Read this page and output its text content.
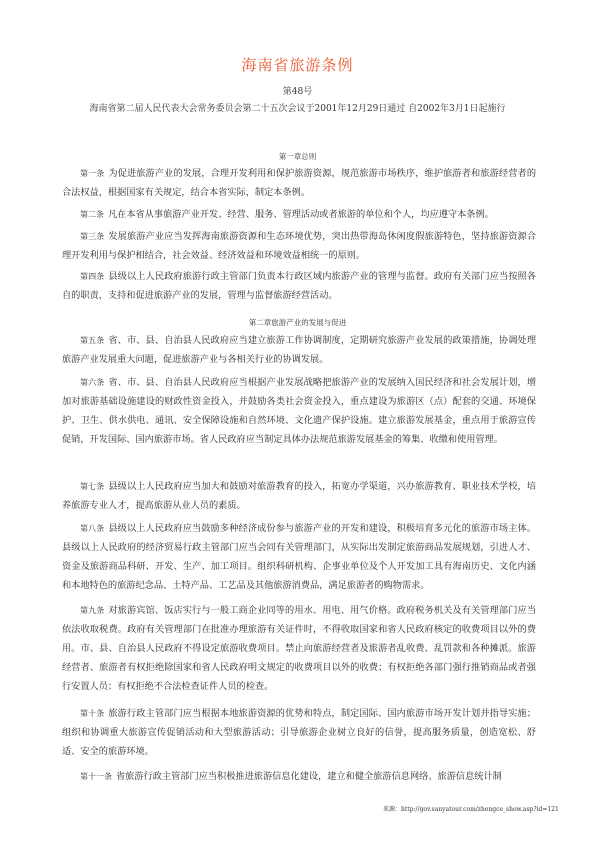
海南省旅游条例
第48号
海南省第二届人民代表大会常务委员会第二十五次会议于2001年12月29日通过 自2002年3月1日起施行
第一章总则
第一条 为促进旅游产业的发展，合理开发利用和保护旅游资源，规范旅游市场秩序，维护旅游者和旅游经营者的合法权益，根据国家有关规定，结合本省实际，制定本条例。
第二条 凡在本省从事旅游产业开发、经营、服务、管理活动或者旅游的单位和个人，均应遵守本条例。
第三条 发展旅游产业应当发挥海南旅游资源和生态环境优势，突出热带海岛休闲度假旅游特色，坚持旅游资源合理开发利用与保护相结合，社会效益、经济效益和环境效益相统一的原则。
第四条 县级以上人民政府旅游行政主管部门负责本行政区域内旅游产业的管理与监督。政府有关部门应当按照各自的职责，支持和促进旅游产业的发展，管理与监督旅游经营活动。
第二章旅游产业的发展与促进
第五条 省、市、县、自治县人民政府应当建立旅游工作协调制度，定期研究旅游产业发展的政策措施，协调处理旅游产业发展重大问题，促进旅游产业与各相关行业的协调发展。
第六条 省、市、县、自治县人民政府应当根据产业发展战略把旅游产业的发展纳入国民经济和社会发展计划，增加对旅游基础设施建设的财政性资金投入，并鼓励各类社会资金投入，重点建设为旅游区（点）配套的交通、环境保护、卫生、供水供电、通讯、安全保障设施和自然环境、文化遗产保护设施。建立旅游发展基金，重点用于旅游宣传促销，开发国际、国内旅游市场。省人民政府应当制定具体办法规范旅游发展基金的筹集、收缴和使用管理。
第七条 县级以上人民政府应当加大和鼓励对旅游教育的投入，拓宽办学渠道，兴办旅游教育、职业技术学校，培养旅游专业人才，提高旅游从业人员的素质。
第八条 县级以上人民政府应当鼓励多种经济成份参与旅游产业的开发和建设，积极培育多元化的旅游市场主体。县级以上人民政府的经济贸易行政主管部门应当会同有关管理部门，从实际出发制定旅游商品发展规划，引进人才、资金及旅游商品科研、开发、生产、加工项目。组织科研机构、企事业单位及个人开发加工具有海南历史、文化内涵和本地特色的旅游纪念品、土特产品、工艺品及其他旅游消费品，满足旅游者的购物需求。
第九条 对旅游宾馆、饭店实行与一般工商企业同等的用水、用电、用气价格。政府税务机关及有关管理部门应当依法收取税费。政府有关管理部门在批准办理旅游有关证件时，不得收取国家和省人民政府核定的收费项目以外的费用。市、县、自治县人民政府不得设定旅游收费项目。禁止向旅游经营者及旅游者乱收费、乱罚款和各种摊派。旅游经营者、旅游者有权拒绝除国家和省人民政府明文规定的收费项目以外的收费；有权拒绝各部门强行推销商品或者强行安置人员；有权拒绝不合法检查证件人员的检查。
第十条 旅游行政主管部门应当根据本地旅游资源的优势和特点，制定国际、国内旅游市场开发计划并指导实施；组织和协调重大旅游宣传促销活动和大型旅游活动；引导旅游企业树立良好的信誉，提高服务质量，创造宽松、舒适、安全的旅游环境。
第十一条 省旅游行政主管部门应当积极推进旅游信息化建设，建立和健全旅游信息网络、旅游信息统计制
来源：http://gov.sanyatour.com/zhengce_show.asp?id=121
